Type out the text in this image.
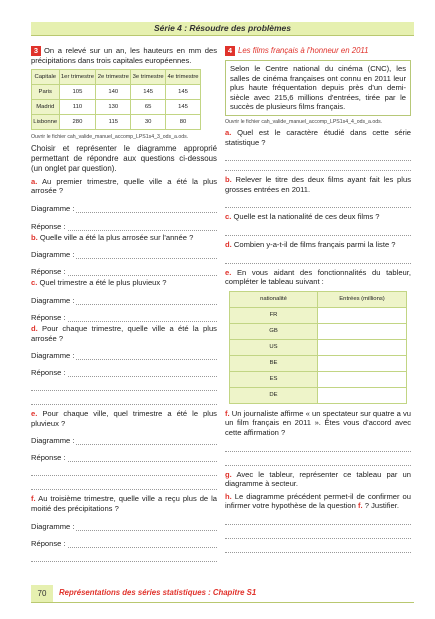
Série 4 : Résoudre des problèmes

3 On a relevé sur un an, les hauteurs en mm des précipitations dans trois capitales européennes.

Capitale	1er trimestre	2e trimestre	3e trimestre	4e trimestre
Paris	105	140	145	145
Madrid	110	130	65	145
Lisbonne	280	115	30	80
Ouvrir le fichier cah_valide_manuel_accomp_LPS1s4_3_ods_a.ods.

Choisir et représenter le diagramme approprié permettant de répondre aux questions ci-dessous (un onglet par question).

a. Au premier trimestre, quelle ville a été la plus arrosée ?

Diagramme :
Réponse :

b. Quelle ville a été la plus arrosée sur l'année ?

Diagramme :
Réponse :

c. Quel trimestre a été le plus pluvieux ?

Diagramme :
Réponse :

d. Pour chaque trimestre, quelle ville a été la plus arrosée ?

Diagramme :
Réponse :

e. Pour chaque ville, quel trimestre a été le plus pluvieux ?

Diagramme :
Réponse :

f. Au troisième trimestre, quelle ville a reçu plus de la moitié des précipitations ?

Diagramme :
Réponse :

4 Les films français à l'honneur en 2011

Selon le Centre national du cinéma (CNC), les salles de cinéma françaises ont connu en 2011 leur plus haute fréquentation depuis près d'un demi-siècle avec 215,6 millions d'entrées, tirée par le succès de plusieurs films français.

Ouvrir le fichier cah_valide_manuel_accomp_LPS1s4_4_ods_a.ods.

a. Quel est le caractère étudié dans cette série statistique ?

b. Relever le titre des deux films ayant fait les plus grosses entrées en 2011.

c. Quelle est la nationalité de ces deux films ?

d. Combien y-a-t-il de films français parmi la liste ?

e. En vous aidant des fonctionnalités du tableur, compléter le tableau suivant :

nationalité	Entrées (millions)
FR	
GB	
US	
BE	
ES	
DE	

f. Un journaliste affirme « un spectateur sur quatre a vu un film français en 2011 ». Êtes vous d'accord avec cette affirmation ?

g. Avec le tableur, représenter ce tableau par un diagramme à secteur.

h. Le diagramme précédent permet-il de confirmer ou infirmer votre hypothèse de la question f. ? Justifier.

70	Représentations des séries statistiques : Chapitre S1
